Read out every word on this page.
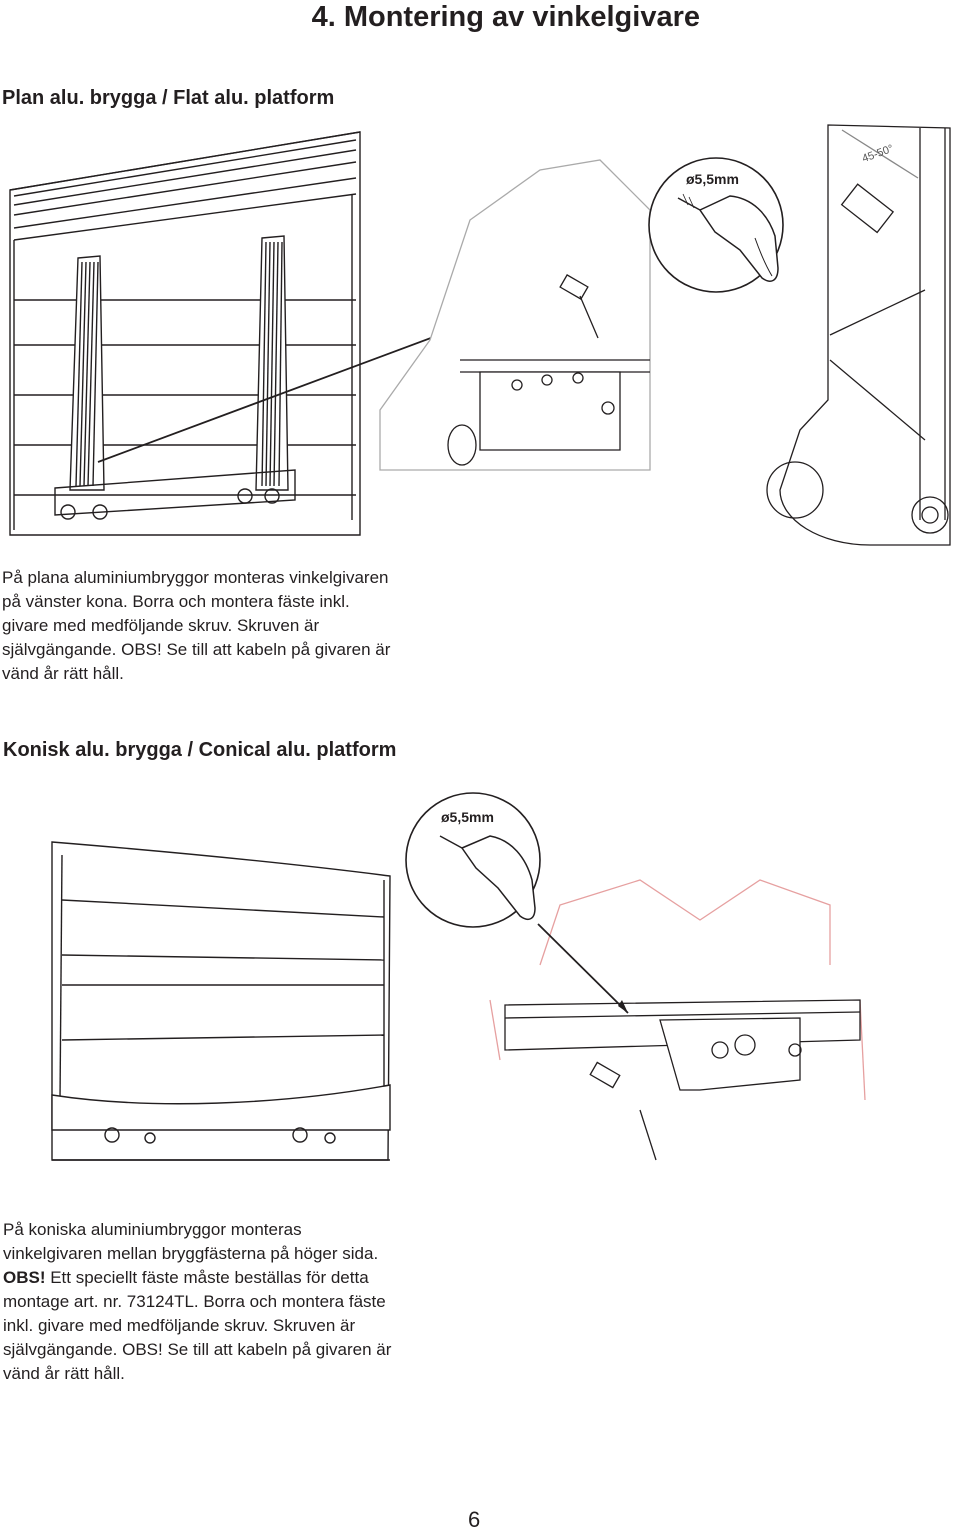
4. Montering av vinkelgivare
Plan alu. brygga / Flat alu. platform
45-50°
ø5,5mm
ø5,5mm
På plana aluminiumbryggor monteras vinkelgivaren
på vänster kona. Borra och montera fäste inkl.
givare med medföljande skruv. Skruven är
självgängande. OBS! Se till att kabeln på givaren är
vänd år rätt håll.
Konisk alu. brygga / Conical alu. platform
På koniska aluminiumbryggor monteras
vinkelgivaren mellan bryggfästerna på höger sida.
OBS! Ett speciellt fäste måste beställas för detta
montage art. nr. 73124TL. Borra och montera fäste
inkl. givare med medföljande skruv. Skruven är
självgängande. OBS! Se till att kabeln på givaren är
vänd år rätt håll.
6
